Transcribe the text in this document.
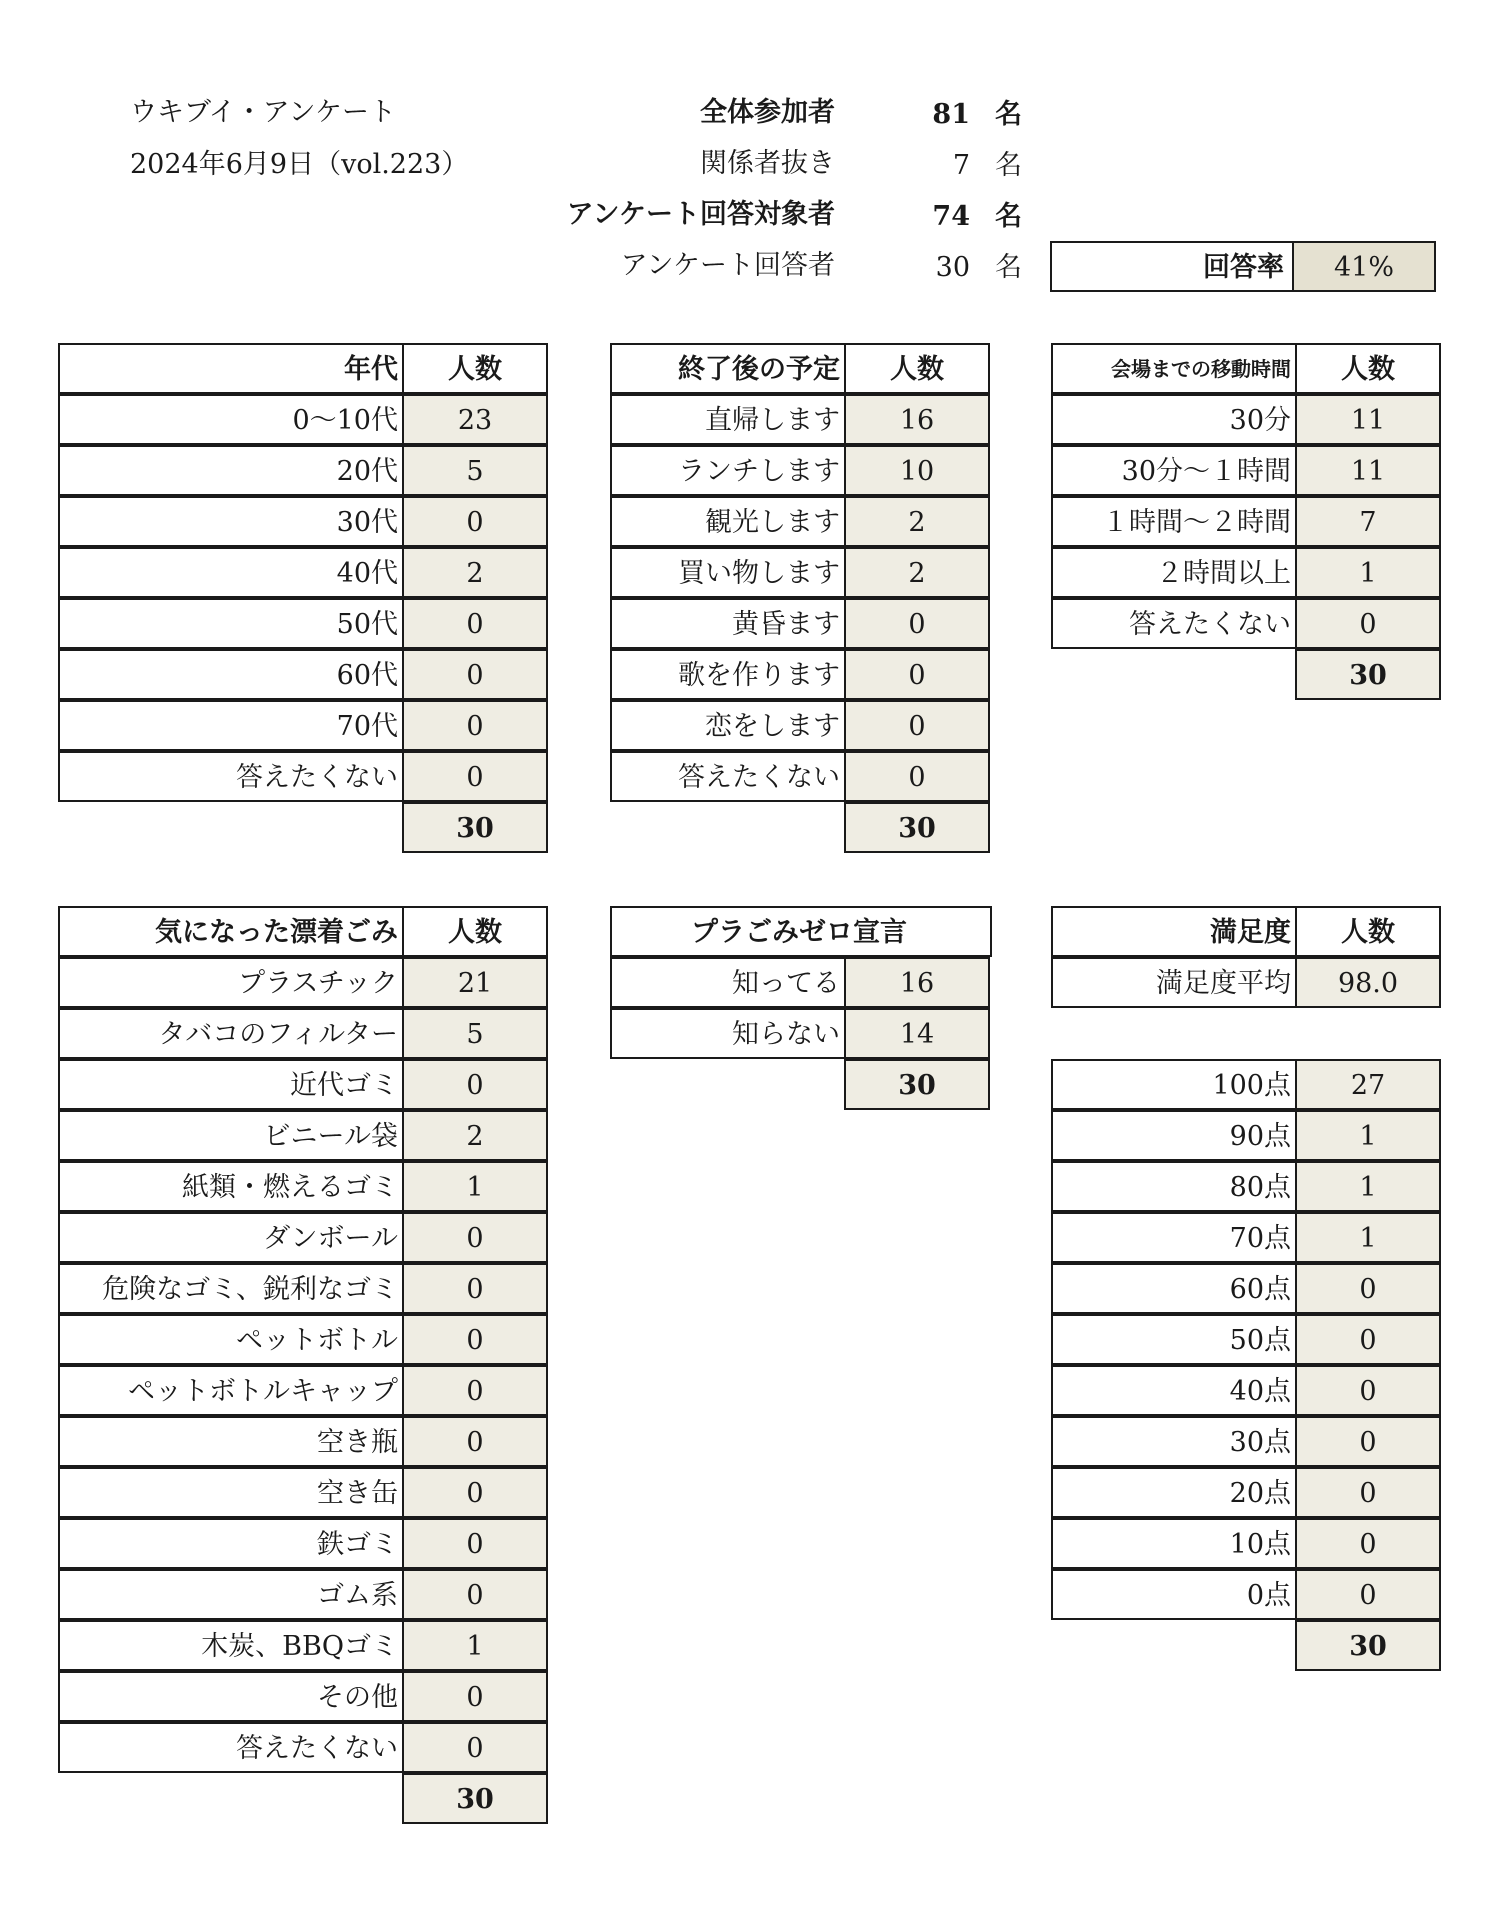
ウキブイ・アンケート
2024年6月9日（vol.223）
全体参加者	81 名
関係者抜き	7 名
アンケート回答対象者	74 名
アンケート回答者	30 名	回答率	41%
年代	人数
0〜10代	23
20代	5
30代	0
40代	2
50代	0
60代	0
70代	0
答えたくない	0
30
終了後の予定	人数
直帰します	16
ランチします	10
観光します	2
買い物します	2
黄昏ます	0
歌を作ります	0
恋をします	0
答えたくない	0
30
会場までの移動時間	人数
30分	11
30分〜１時間	11
１時間〜２時間	7
２時間以上	1
答えたくない	0
30
気になった漂着ごみ	人数
プラスチック	21
タバコのフィルター	5
近代ゴミ	0
ビニール袋	2
紙類・燃えるゴミ	1
ダンボール	0
危険なゴミ、鋭利なゴミ	0
ペットボトル	0
ペットボトルキャップ	0
空き瓶	0
空き缶	0
鉄ゴミ	0
ゴム系	0
木炭、BBQゴミ	1
その他	0
答えたくない	0
30
プラごみゼロ宣言
知ってる	16
知らない	14
30
満足度	人数
満足度平均	98.0
100点	27
90点	1
80点	1
70点	1
60点	0
50点	0
40点	0
30点	0
20点	0
10点	0
0点	0
30
